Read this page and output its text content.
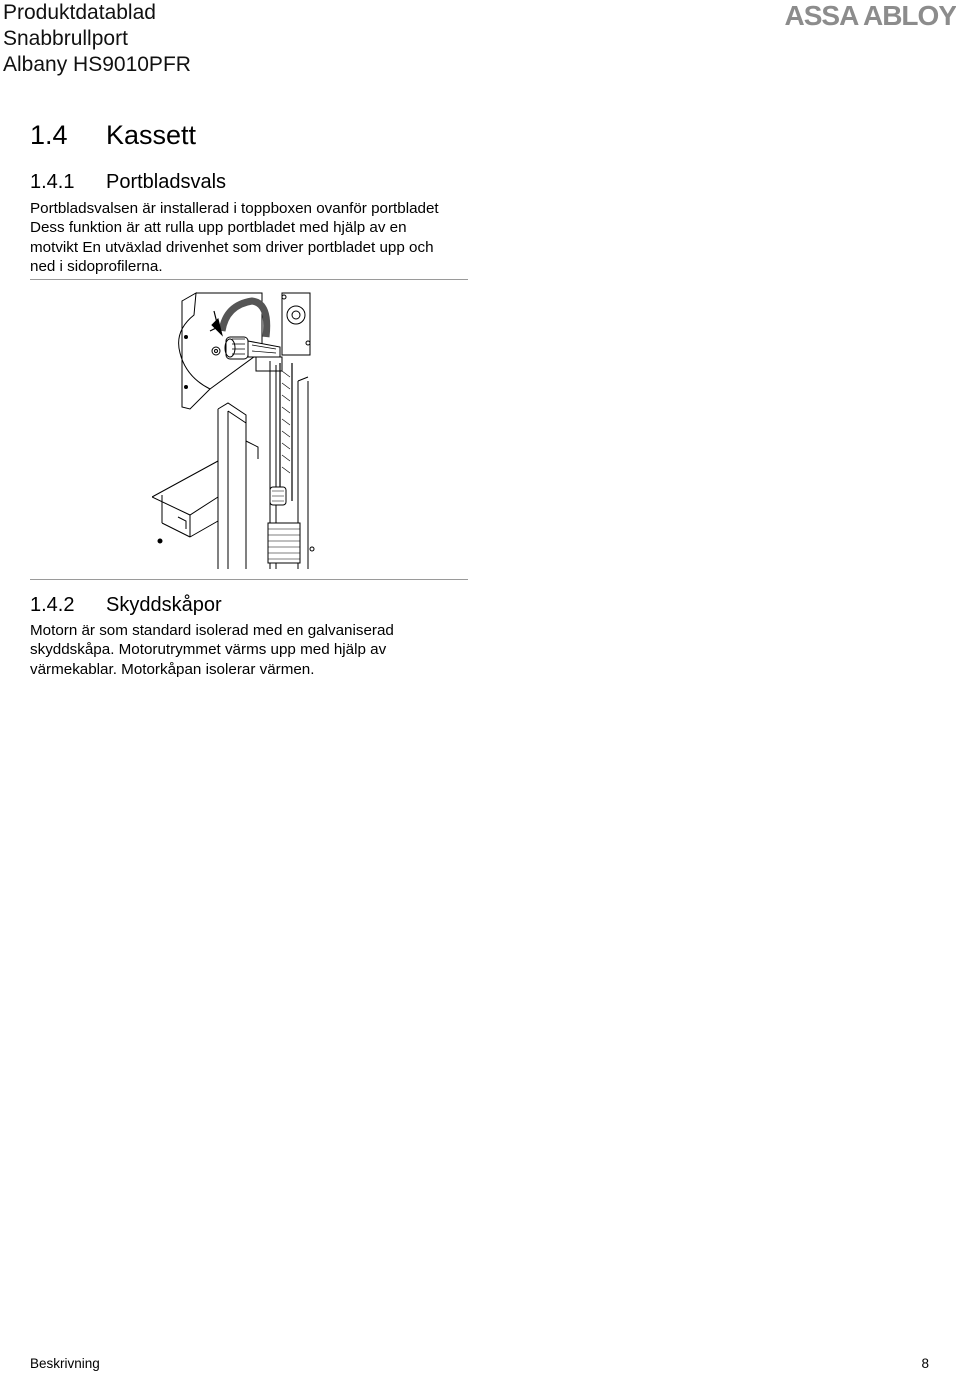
Produktdatablad
Snabbrullport
Albany HS9010PFR
ASSA ABLOY
1.4 Kassett
1.4.1 Portbladsvals

Portbladsvalsen är installerad i toppboxen ovanför portbladet

Dess funktion är att rulla upp portbladet med hjälp av en

motvikt En utväxlad drivenhet som driver portbladet upp och

ned i sidoprofilerna.

1.4.2 Skyddskåpor

Motorn är som standard isolerad med en galvaniserad

skyddskåpa. Motorutrymmet värms upp med hjälp av

värmekablar. Motorkåpan isolerar värmen.

Beskrivning	8
